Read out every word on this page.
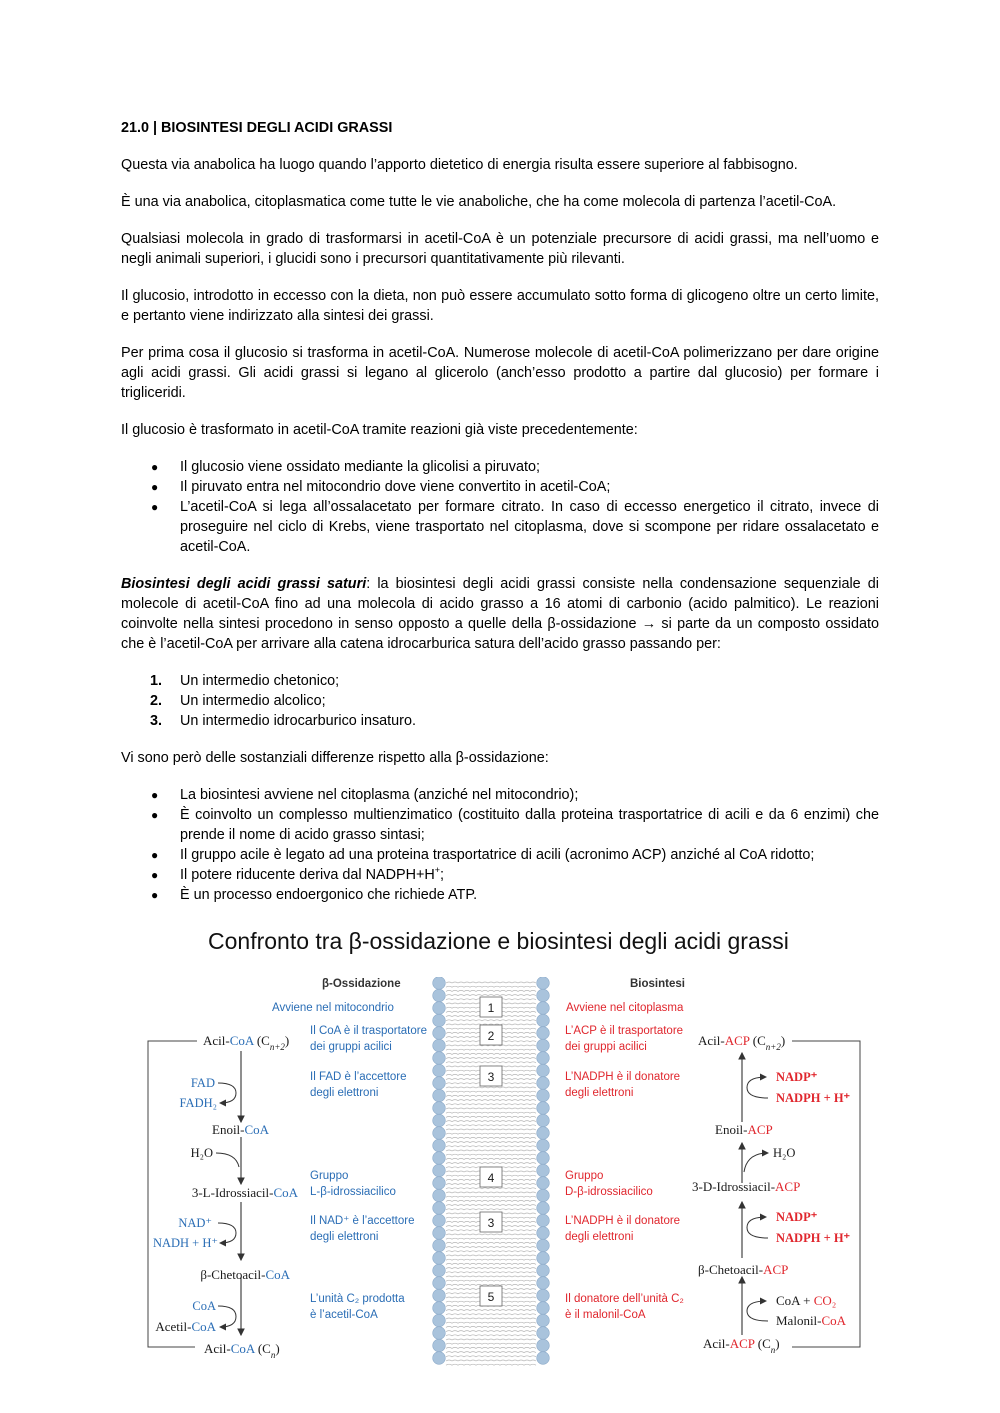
21.0 | BIOSINTESI DEGLI ACIDI GRASSI

Questa via anabolica ha luogo quando l’apporto dietetico di energia risulta essere superiore al fabbisogno.

È una via anabolica, citoplasmatica come tutte le vie anaboliche, che ha come molecola di partenza l’acetil-CoA.

Qualsiasi molecola in grado di trasformarsi in acetil-CoA è un potenziale precursore di acidi grassi, ma nell’uomo e negli animali superiori, i glucidi sono i precursori quantitativamente più rilevanti.

Il glucosio, introdotto in eccesso con la dieta, non può essere accumulato sotto forma di glicogeno oltre un certo limite, e pertanto viene indirizzato alla sintesi dei grassi.

Per prima cosa il glucosio si trasforma in acetil-CoA. Numerose molecole di acetil-CoA polimerizzano per dare origine agli acidi grassi. Gli acidi grassi si legano al glicerolo (anch’esso prodotto a partire dal glucosio) per formare i trigliceridi.

Il glucosio è trasformato in acetil-CoA tramite reazioni già viste precedentemente:

● Il glucosio viene ossidato mediante la glicolisi a piruvato;
● Il piruvato entra nel mitocondrio dove viene convertito in acetil-CoA;
● L’acetil-CoA si lega all’ossalacetato per formare citrato. In caso di eccesso energetico il citrato, invece di proseguire nel ciclo di Krebs, viene trasportato nel citoplasma, dove si scompone per ridare ossalacetato e acetil-CoA.

Biosintesi degli acidi grassi saturi: la biosintesi degli acidi grassi consiste nella condensazione sequenziale di molecole di acetil-CoA fino ad una molecola di acido grasso a 16 atomi di carbonio (acido palmitico). Le reazioni coinvolte nella sintesi procedono in senso opposto a quelle della β-ossidazione → si parte da un composto ossidato che è l’acetil-CoA per arrivare alla catena idrocarburica satura dell’acido grasso passando per:

1. Un intermedio chetonico;
2. Un intermedio alcolico;
3. Un intermedio idrocarburico insaturo.

Vi sono però delle sostanziali differenze rispetto alla β-ossidazione:

● La biosintesi avviene nel citoplasma (anziché nel mitocondrio);
● È coinvolto un complesso multienzimatico (costituito dalla proteina trasportatrice di acili e da 6 enzimi) che prende il nome di acido grasso sintasi;
● Il gruppo acile è legato ad una proteina trasportatrice di acili (acronimo ACP) anziché al CoA ridotto;
● Il potere riducente deriva dal NADPH+H+;
● È un processo endoergonico che richiede ATP.
Confronto tra β-ossidazione e biosintesi degli acidi grassi
1
2
3
4
3
5
β-Ossidazione	Biosintesi
Avviene nel mitocondrio	Avviene nel citoplasma
Il CoA è il trasportatore
dei gruppi acilici
Il FAD è l’accettore
degli elettroni
Gruppo
L-β-idrossiacilico
Il NAD⁺ è l’accettore
degli elettroni
L’unità C₂ prodotta
è l’acetil-CoA
L’ACP è il trasportatore
dei gruppi acilici
L’NADPH è il donatore
degli elettroni
Gruppo
D-β-idrossiacilico
L’NADPH è il donatore
degli elettroni
Il donatore dell’unità C₂
è il malonil-CoA
Acil-CoA $(C_{n+2})$
FAD
FADH₂
Enoil-CoA
H₂O
3-L-Idrossiacil-CoA
NAD⁺
NADH + H⁺
β-Chetoacil-CoA
CoA
Acetil-CoA
Acil-CoA $(C_n)$
Acil-ACP $(C_{n+2})$
NADP⁺
NADPH + H⁺
Enoil-ACP
H₂O
3-D-Idrossiacil-ACP
NADP⁺
NADPH + H⁺
β-Chetoacil-ACP
CoA + CO₂
Malonil-CoA
Acil-ACP $(C_n)$
